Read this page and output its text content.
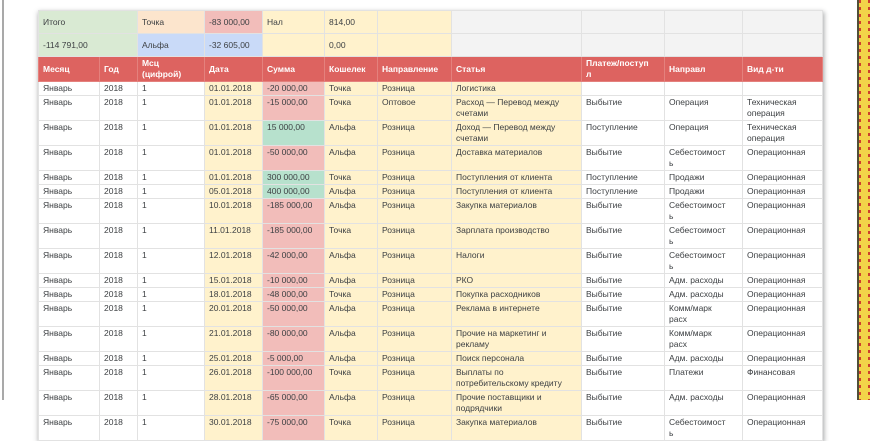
Итого		Точка	-83 000,00	Нал	814,00					
-114 791,00		Альфа	-32 605,00		0,00					
Месяц	Год	Мсц (цифрой)	Дата	Сумма	Кошелек	Направление	Статья	Платеж/поступл	Направл	Вид д-ти
Январь	2018	1	01.01.2018	-20 000,00	Точка	Розница	Логистика			
Январь	2018	1	01.01.2018	-15 000,00	Точка	Оптовое	Расход — Перевод между счетами	Выбытие	Операция	Техническая операция
Январь	2018	1	01.01.2018	15 000,00	Альфа	Розница	Доход — Перевод между счетами	Поступление	Операция	Техническая операция
Январь	2018	1	01.01.2018	-50 000,00	Альфа	Розница	Доставка материалов	Выбытие	Себестоимость	Операционная
Январь	2018	1	01.01.2018	300 000,00	Точка	Розница	Поступления от клиента	Поступление	Продажи	Операционная
Январь	2018	1	05.01.2018	400 000,00	Альфа	Розница	Поступления от клиента	Поступление	Продажи	Операционная
Январь	2018	1	10.01.2018	-185 000,00	Альфа	Розница	Закупка материалов	Выбытие	Себестоимость	Операционная
Январь	2018	1	11.01.2018	-185 000,00	Точка	Розница	Зарплата производство	Выбытие	Себестоимость	Операционная
Январь	2018	1	12.01.2018	-42 000,00	Альфа	Розница	Налоги	Выбытие	Себестоимость	Операционная
Январь	2018	1	15.01.2018	-10 000,00	Альфа	Розница	РКО	Выбытие	Адм. расходы	Операционная
Январь	2018	1	18.01.2018	-48 000,00	Точка	Розница	Покупка расходников	Выбытие	Адм. расходы	Операционная
Январь	2018	1	20.01.2018	-50 000,00	Альфа	Розница	Реклама в интернете	Выбытие	Комм/марк расх	Операционная
Январь	2018	1	21.01.2018	-80 000,00	Альфа	Розница	Прочие на маркетинг и рекламу	Выбытие	Комм/марк расх	Операционная
Январь	2018	1	25.01.2018	-5 000,00	Альфа	Розница	Поиск персонала	Выбытие	Адм. расходы	Операционная
Январь	2018	1	26.01.2018	-100 000,00	Точка	Розница	Выплаты по потребительскому кредиту	Выбытие	Платежи	Финансовая
Январь	2018	1	28.01.2018	-65 000,00	Альфа	Розница	Прочие поставщики и подрядчики	Выбытие	Адм. расходы	Операционная
Январь	2018	1	30.01.2018	-75 000,00	Точка	Розница	Закупка материалов	Выбытие	Себестоимость	Операционная
